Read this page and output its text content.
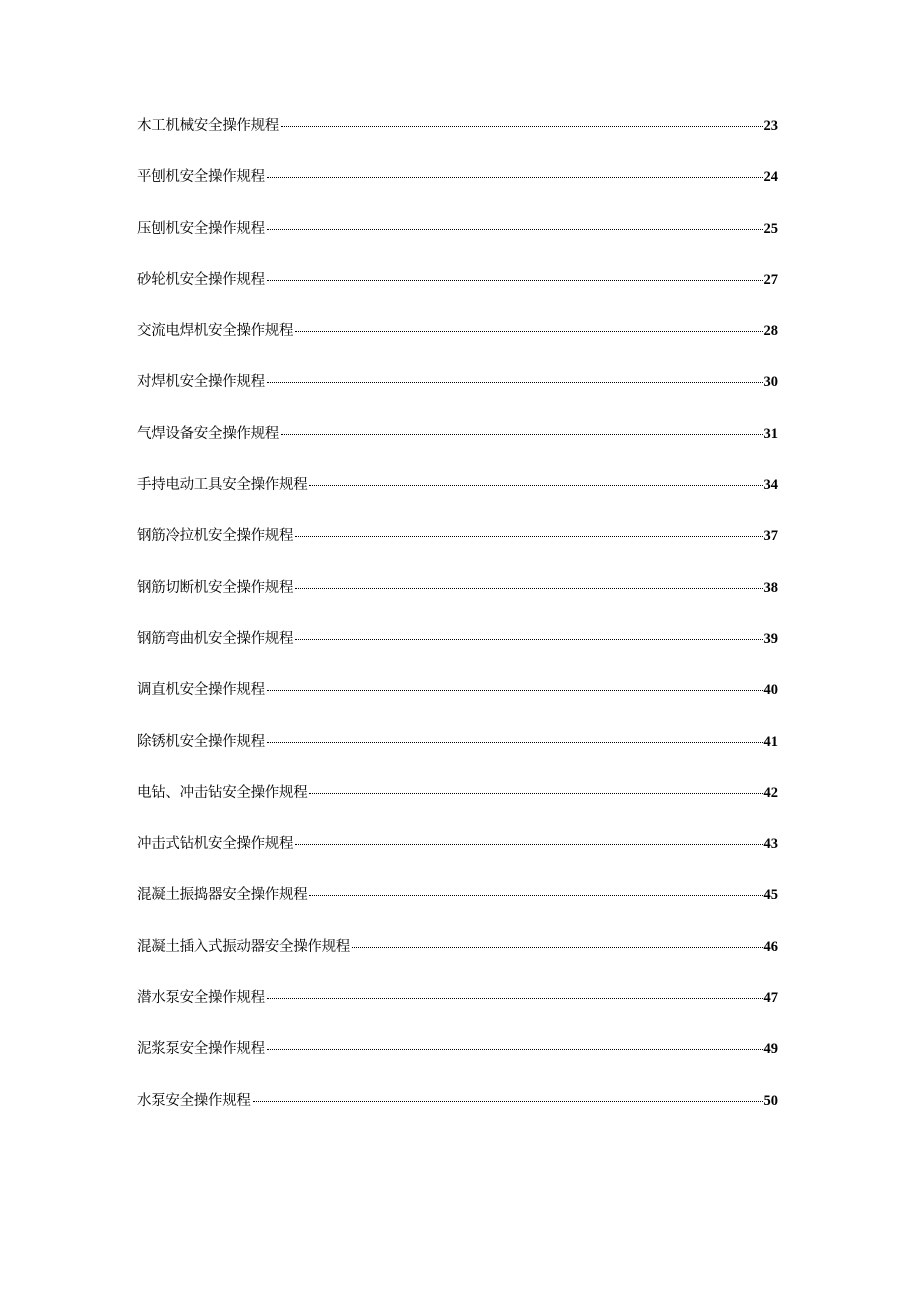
木工机械安全操作规程	23
平刨机安全操作规程	24
压刨机安全操作规程	25
砂轮机安全操作规程	27
交流电焊机安全操作规程	28
对焊机安全操作规程	30
气焊设备安全操作规程	31
手持电动工具安全操作规程	34
钢筋冷拉机安全操作规程	37
钢筋切断机安全操作规程	38
钢筋弯曲机安全操作规程	39
调直机安全操作规程	40
除锈机安全操作规程	41
电钻、冲击钻安全操作规程	42
冲击式钻机安全操作规程	43
混凝土振捣器安全操作规程	45
混凝土插入式振动器安全操作规程	46
潜水泵安全操作规程	47
泥浆泵安全操作规程	49
水泵安全操作规程	50
